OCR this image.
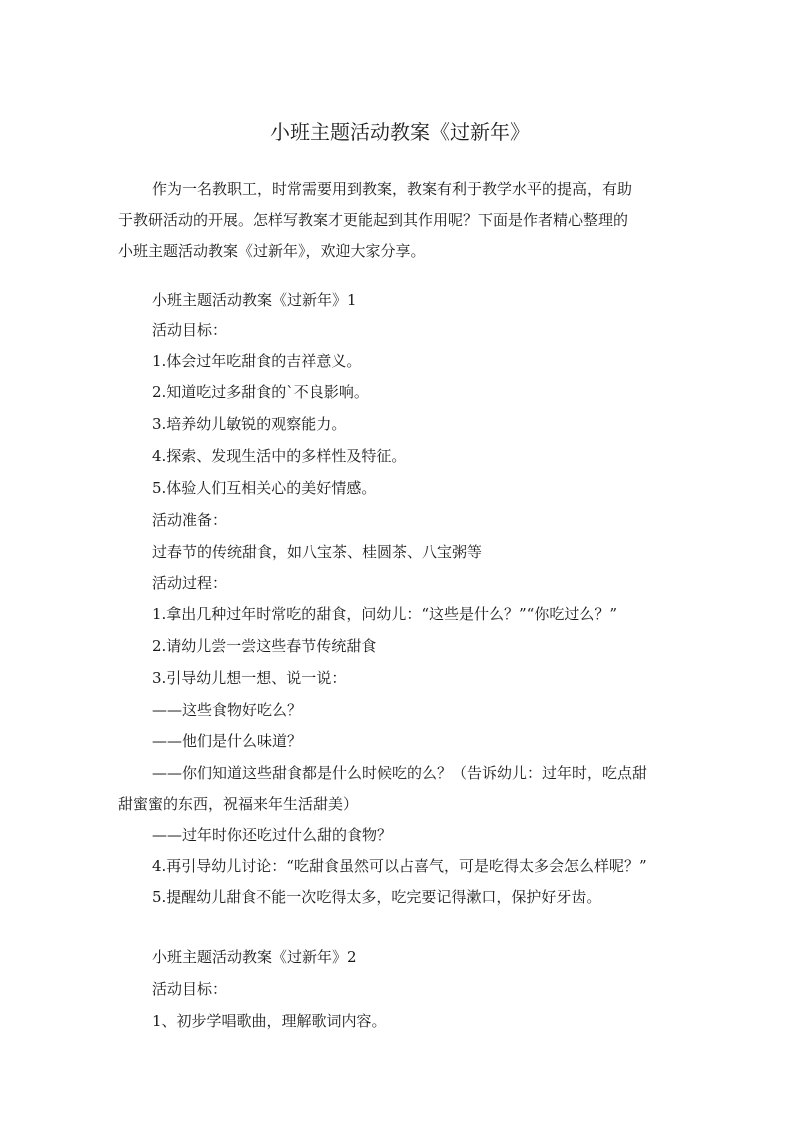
小班主题活动教案《过新年》
作为一名教职工，时常需要用到教案，教案有利于教学水平的提高，有助
于教研活动的开展。怎样写教案才更能起到其作用呢？下面是作者精心整理的
小班主题活动教案《过新年》，欢迎大家分享。
小班主题活动教案《过新年》1
活动目标：
1.体会过年吃甜食的吉祥意义。
2.知道吃过多甜食的`不良影响。
3.培养幼儿敏锐的观察能力。
4.探索、发现生活中的多样性及特征。
5.体验人们互相关心的美好情感。
活动准备：
过春节的传统甜食，如八宝茶、桂圆茶、八宝粥等
活动过程：
1.拿出几种过年时常吃的甜食，问幼儿：“这些是什么？”“你吃过么？”
2.请幼儿尝一尝这些春节传统甜食
3.引导幼儿想一想、说一说：
——这些食物好吃么？
——他们是什么味道？
——你们知道这些甜食都是什么时候吃的么？（告诉幼儿：过年时，吃点甜
甜蜜蜜的东西，祝福来年生活甜美）
——过年时你还吃过什么甜的食物？
4.再引导幼儿讨论：“吃甜食虽然可以占喜气，可是吃得太多会怎么样呢？”
5.提醒幼儿甜食不能一次吃得太多，吃完要记得漱口，保护好牙齿。
小班主题活动教案《过新年》2
活动目标：
1、初步学唱歌曲，理解歌词内容。
